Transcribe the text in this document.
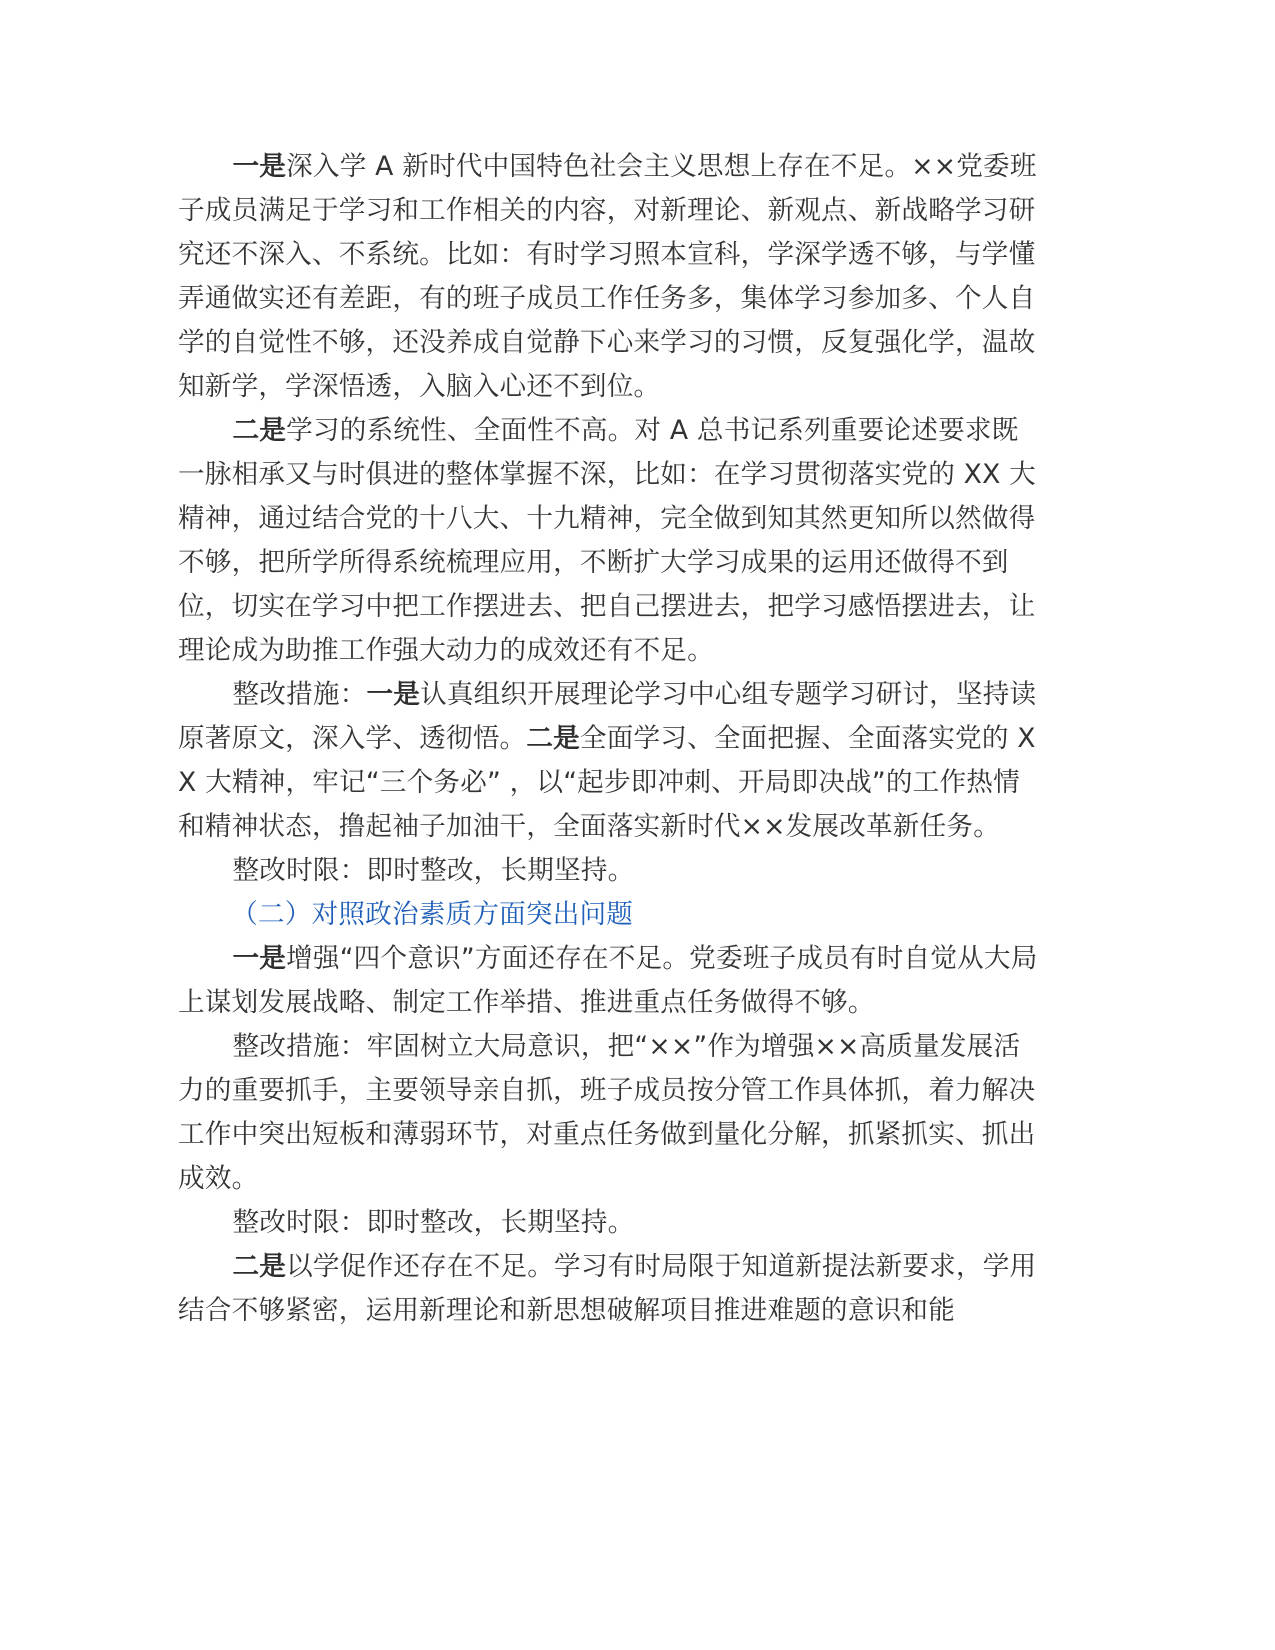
一是深入学 A 新时代中国特色社会主义思想上存在不足。××党委班子成员满足于学习和工作相关的内容，对新理论、新观点、新战略学习研究还不深入、不系统。比如：有时学习照本宣科，学深学透不够，与学懂弄通做实还有差距，有的班子成员工作任务多，集体学习参加多、个人自学的自觉性不够，还没养成自觉静下心来学习的习惯，反复强化学，温故知新学，学深悟透，入脑入心还不到位。

二是学习的系统性、全面性不高。对 A 总书记系列重要论述要求既一脉相承又与时俱进的整体掌握不深，比如：在学习贯彻落实党的 XX 大精神，通过结合党的十八大、十九精神，完全做到知其然更知所以然做得不够，把所学所得系统梳理应用，不断扩大学习成果的运用还做得不到位，切实在学习中把工作摆进去、把自己摆进去，把学习感悟摆进去，让理论成为助推工作强大动力的成效还有不足。

整改措施：一是认真组织开展理论学习中心组专题学习研讨，坚持读原著原文，深入学、透彻悟。二是全面学习、全面把握、全面落实党的 XX 大精神，牢记“三个务必” ，以“起步即冲刺、开局即决战”的工作热情和精神状态，撸起袖子加油干，全面落实新时代××发展改革新任务。

整改时限：即时整改，长期坚持。

（二）对照政治素质方面突出问题

一是增强“四个意识”方面还存在不足。党委班子成员有时自觉从大局上谋划发展战略、制定工作举措、推进重点任务做得不够。

整改措施：牢固树立大局意识，把“××”作为增强××高质量发展活力的重要抓手，主要领导亲自抓，班子成员按分管工作具体抓，着力解决工作中突出短板和薄弱环节，对重点任务做到量化分解，抓紧抓实、抓出成效。

整改时限：即时整改，长期坚持。

二是以学促作还存在不足。学习有时局限于知道新提法新要求，学用结合不够紧密，运用新理论和新思想破解项目推进难题的意识和能
